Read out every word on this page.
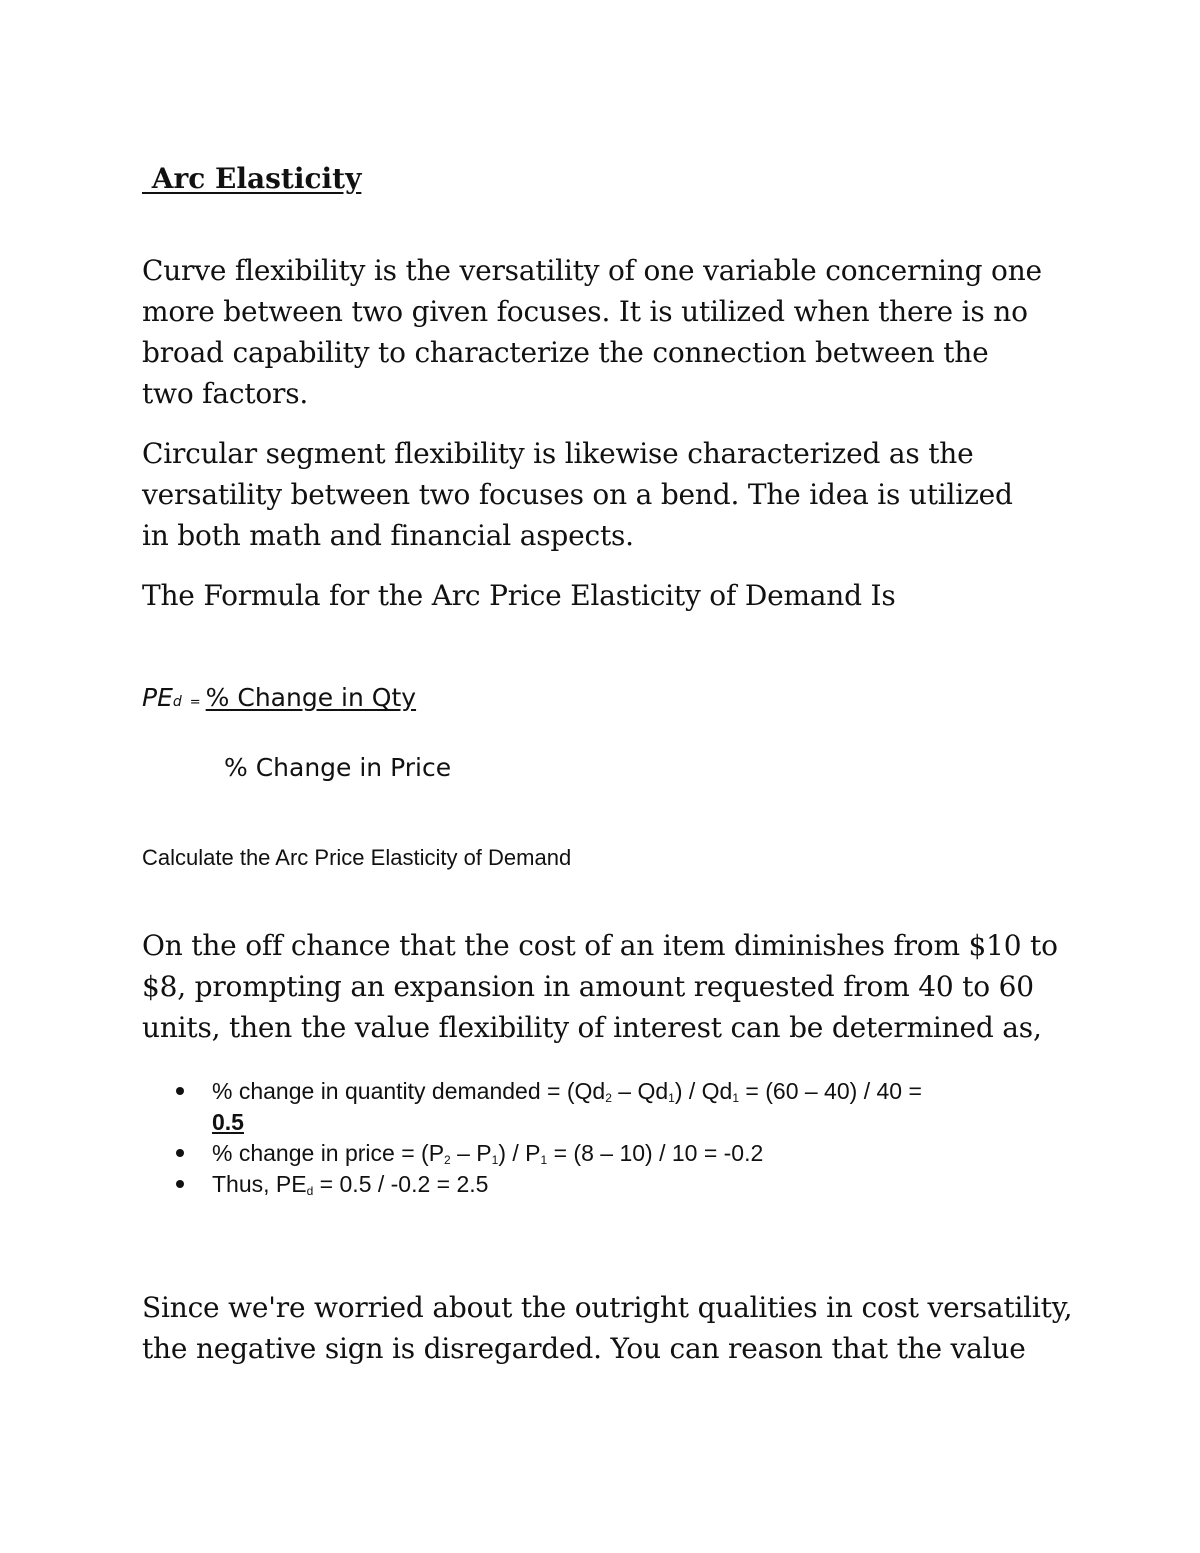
Arc Elasticity

Curve flexibility is the versatility of one variable concerning one more between two given focuses. It is utilized when there is no broad capability to characterize the connection between the two factors.

Circular segment flexibility is likewise characterized as the versatility between two focuses on a bend. The idea is utilized in both math and financial aspects.

The Formula for the Arc Price Elasticity of Demand Is

PEd = % Change in Qty
% Change in Price
Calculate the Arc Price Elasticity of Demand

On the off chance that the cost of an item diminishes from $10 to $8, prompting an expansion in amount requested from 40 to 60 units, then the value flexibility of interest can be determined as,

% change in quantity demanded = $(Qd_2 - Qd_1) / Qd_1 = (60 - 40) / 40$ =
0.5
% change in price = $(P_2 - P_1) / P_1 = (8 - 10) / 10 = -0.2$
Thus, $PE_d = 0.5 / -0.2 = 2.5$

Since we're worried about the outright qualities in cost versatility, the negative sign is disregarded. You can reason that the value
